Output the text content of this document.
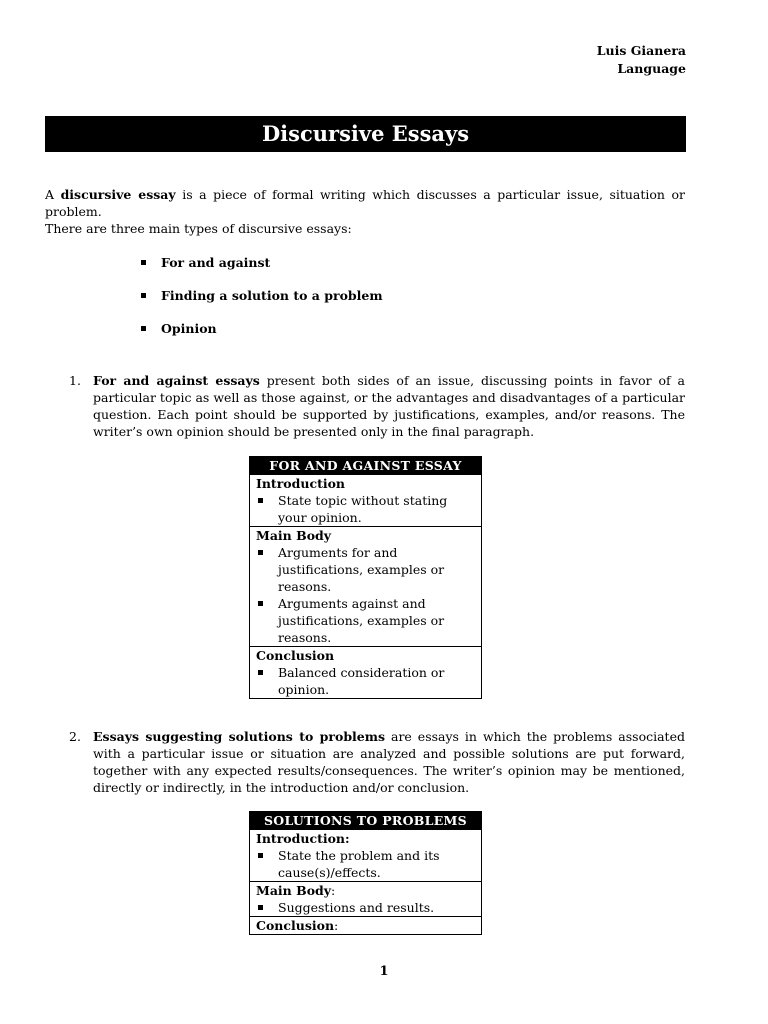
Luis Gianera
Language
Discursive Essays

A discursive essay is a piece of formal writing which discusses a particular issue, situation or problem.

There are three main types of discursive essays:

For and against
Finding a solution to a problem
Opinion
1. For and against essays present both sides of an issue, discussing points in favor of a particular topic as well as those against, or the advantages and disadvantages of a particular question. Each point should be supported by justifications, examples, and/or reasons. The writer’s own opinion should be presented only in the final paragraph.

FOR AND AGAINST ESSAY

Introduction
State topic without stating your opinion.

Main Body
Arguments for and justifications, examples or reasons.
Arguments against and justifications, examples or reasons.

Conclusion
Balanced consideration or opinion.
2. Essays suggesting solutions to problems are essays in which the problems associated with a particular issue or situation are analyzed and possible solutions are put forward, together with any expected results/consequences. The writer’s opinion may be mentioned, directly or indirectly, in the introduction and/or conclusion.

SOLUTIONS TO PROBLEMS

Introduction:
State the problem and its cause(s)/effects.

Main Body:
Suggestions and results.

Conclusion:
1
